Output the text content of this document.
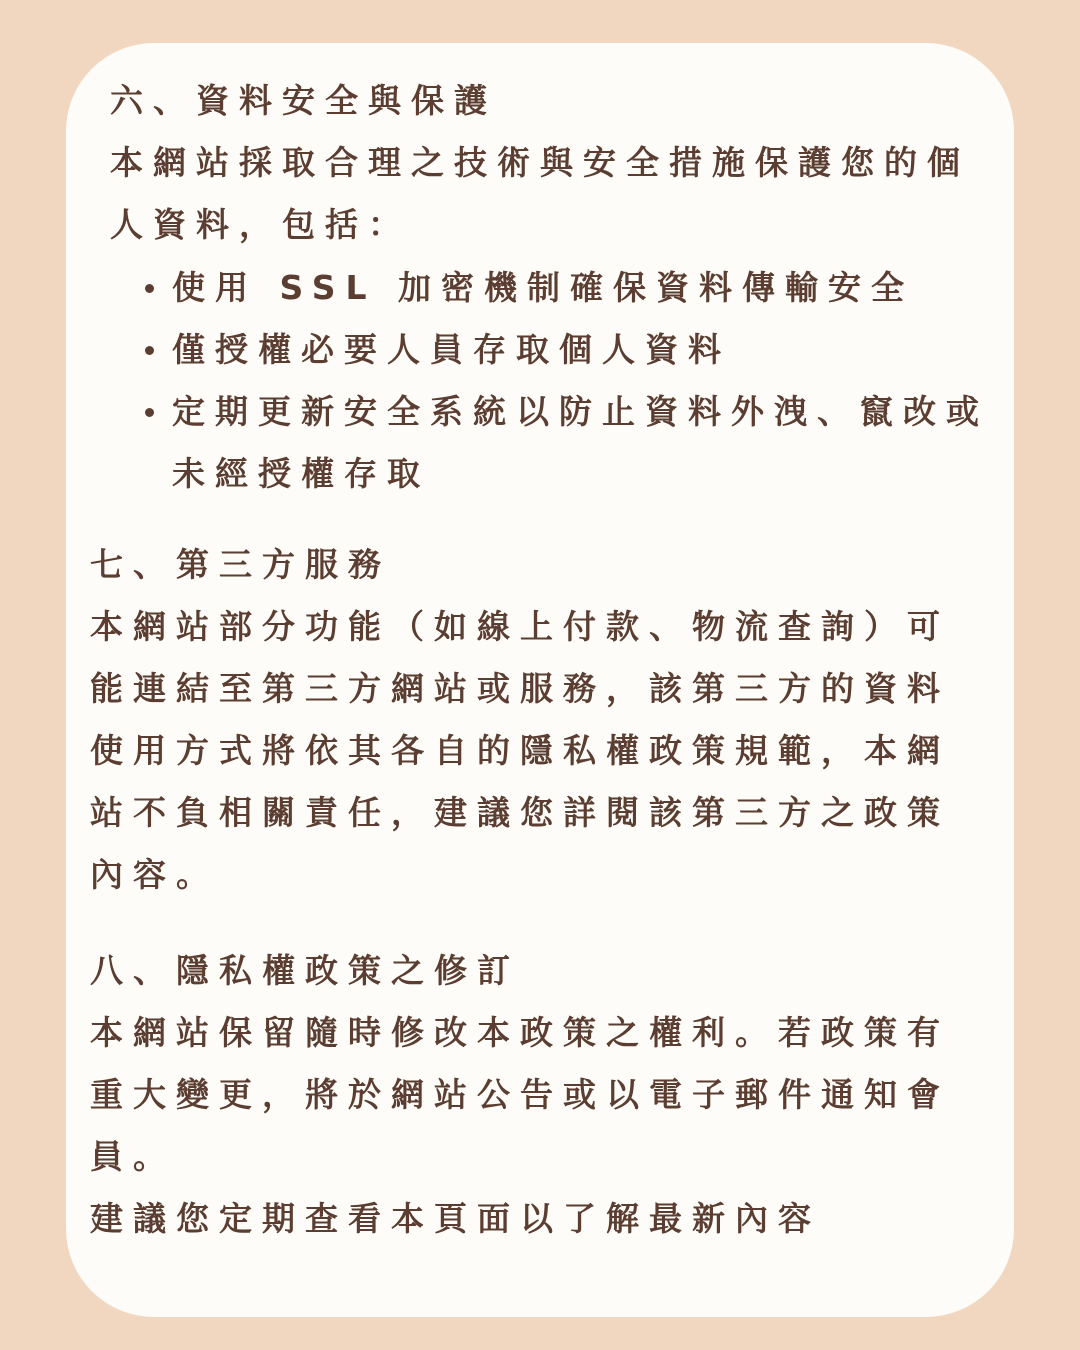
六、資料安全與保護

本網站採取合理之技術與安全措施保護您的個

人資料，包括：

使用 SSL 加密機制確保資料傳輸安全

僅授權必要人員存取個人資料

定期更新安全系統以防止資料外洩、竄改或

未經授權存取

七、第三方服務

本網站部分功能（如線上付款、物流查詢）可

能連結至第三方網站或服務，該第三方的資料

使用方式將依其各自的隱私權政策規範，本網

站不負相關責任，建議您詳閱該第三方之政策

內容。

八、隱私權政策之修訂

本網站保留隨時修改本政策之權利。若政策有

重大變更，將於網站公告或以電子郵件通知會

員。

建議您定期查看本頁面以了解最新內容
